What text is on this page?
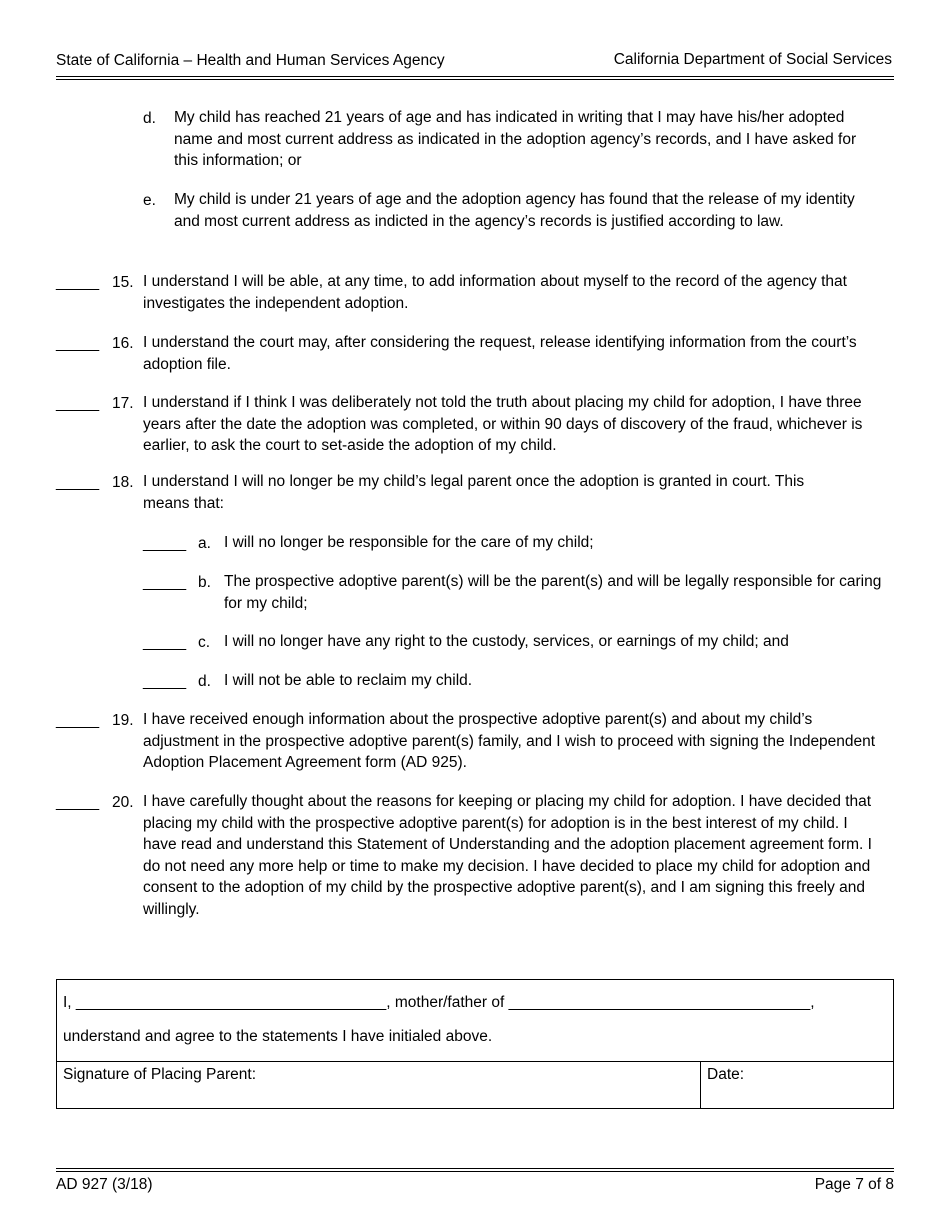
State of California – Health and Human Services Agency	California Department of Social Services
d. My child has reached 21 years of age and has indicated in writing that I may have his/her adopted name and most current address as indicated in the adoption agency’s records, and I have asked for this information; or
e. My child is under 21 years of age and the adoption agency has found that the release of my identity and most current address as indicted in the agency’s records is justified according to law.
_____ 15. I understand I will be able, at any time, to add information about myself to the record of the agency that investigates the independent adoption.
_____ 16. I understand the court may, after considering the request, release identifying information from the court’s adoption file.
_____ 17. I understand if I think I was deliberately not told the truth about placing my child for adoption, I have three years after the date the adoption was completed, or within 90 days of discovery of the fraud, whichever is earlier, to ask the court to set-aside the adoption of my child.
_____ 18. I understand I will no longer be my child’s legal parent once the adoption is granted in court. This means that:
_____ a. I will no longer be responsible for the care of my child;
_____ b. The prospective adoptive parent(s) will be the parent(s) and will be legally responsible for caring for my child;
_____ c. I will no longer have any right to the custody, services, or earnings of my child; and
_____ d. I will not be able to reclaim my child.
_____ 19. I have received enough information about the prospective adoptive parent(s) and about my child’s adjustment in the prospective adoptive parent(s) family, and I wish to proceed with signing the Independent Adoption Placement Agreement form (AD 925).
_____ 20. I have carefully thought about the reasons for keeping or placing my child for adoption. I have decided that placing my child with the prospective adoptive parent(s) for adoption is in the best interest of my child. I have read and understand this Statement of Understanding and the adoption placement agreement form. I do not need any more help or time to make my decision. I have decided to place my child for adoption and consent to the adoption of my child by the prospective adoptive parent(s), and I am signing this freely and willingly.
I, ____________________________________, mother/father of ___________________________________,
understand and agree to the statements I have initialed above.
Signature of Placing Parent:	Date:
AD 927 (3/18)	Page 7 of 8
